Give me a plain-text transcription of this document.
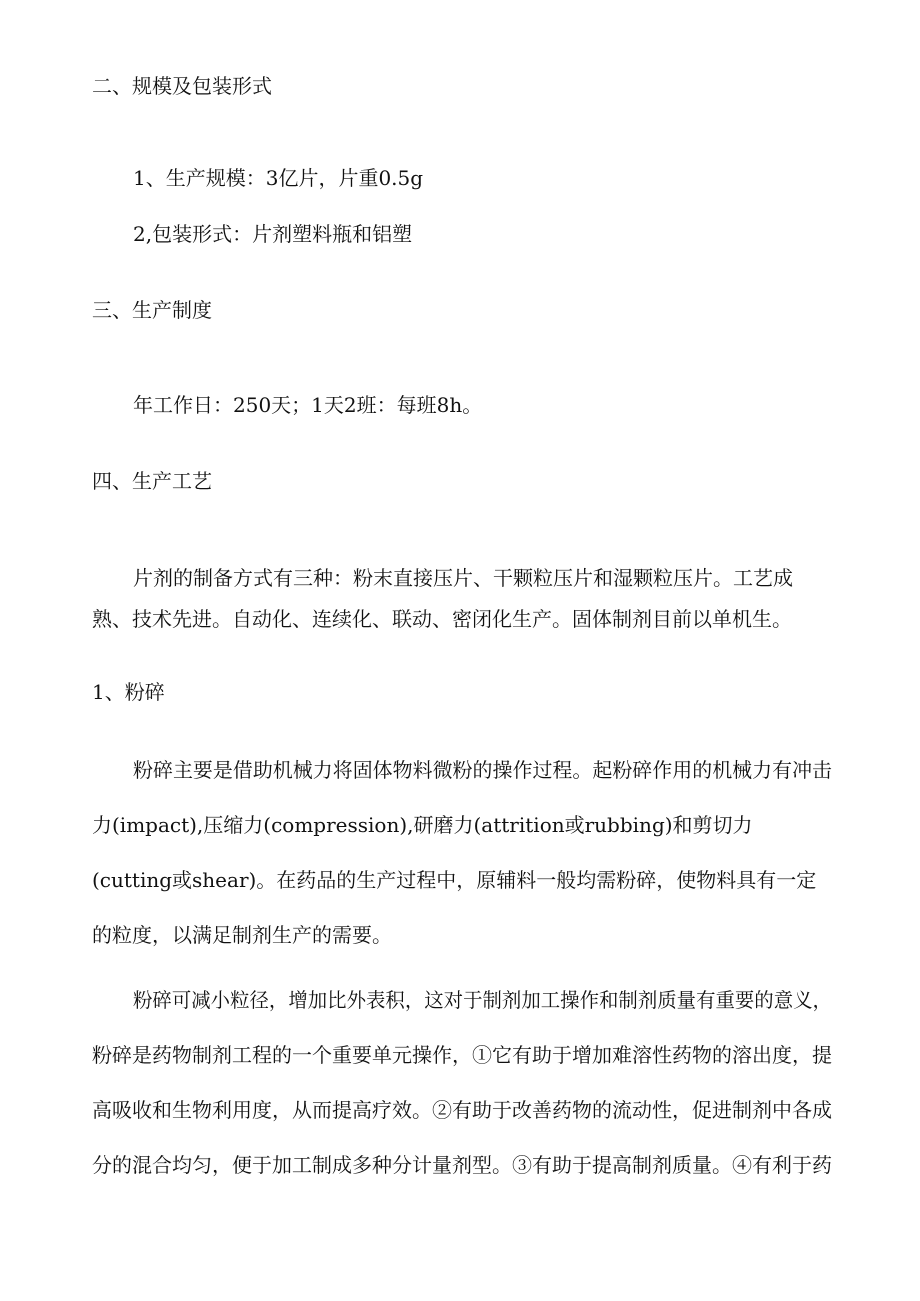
二、规模及包装形式
1、生产规模：3亿片，片重0.5g
2,包装形式：片剂塑料瓶和铝塑
三、生产制度
年工作日：250天；1天2班：每班8h。
四、生产工艺
片剂的制备方式有三种：粉末直接压片、干颗粒压片和湿颗粒压片。工艺成
熟、技术先进。自动化、连续化、联动、密闭化生产。固体制剂目前以单机生。
1、粉碎
粉碎主要是借助机械力将固体物料微粉的操作过程。起粉碎作用的机械力有冲击
力(impact),压缩力(compression),研磨力(attrition或rubbing)和剪切力
(cutting或shear)。在药品的生产过程中，原辅料一般均需粉碎，使物料具有一定
的粒度，以满足制剂生产的需要。
粉碎可减小粒径，增加比外表积，这对于制剂加工操作和制剂质量有重要的意义，
粉碎是药物制剂工程的一个重要单元操作，①它有助于增加难溶性药物的溶出度，提
高吸收和生物利用度，从而提高疗效。②有助于改善药物的流动性，促进制剂中各成
分的混合均匀，便于加工制成多种分计量剂型。③有助于提高制剂质量。④有利于药
